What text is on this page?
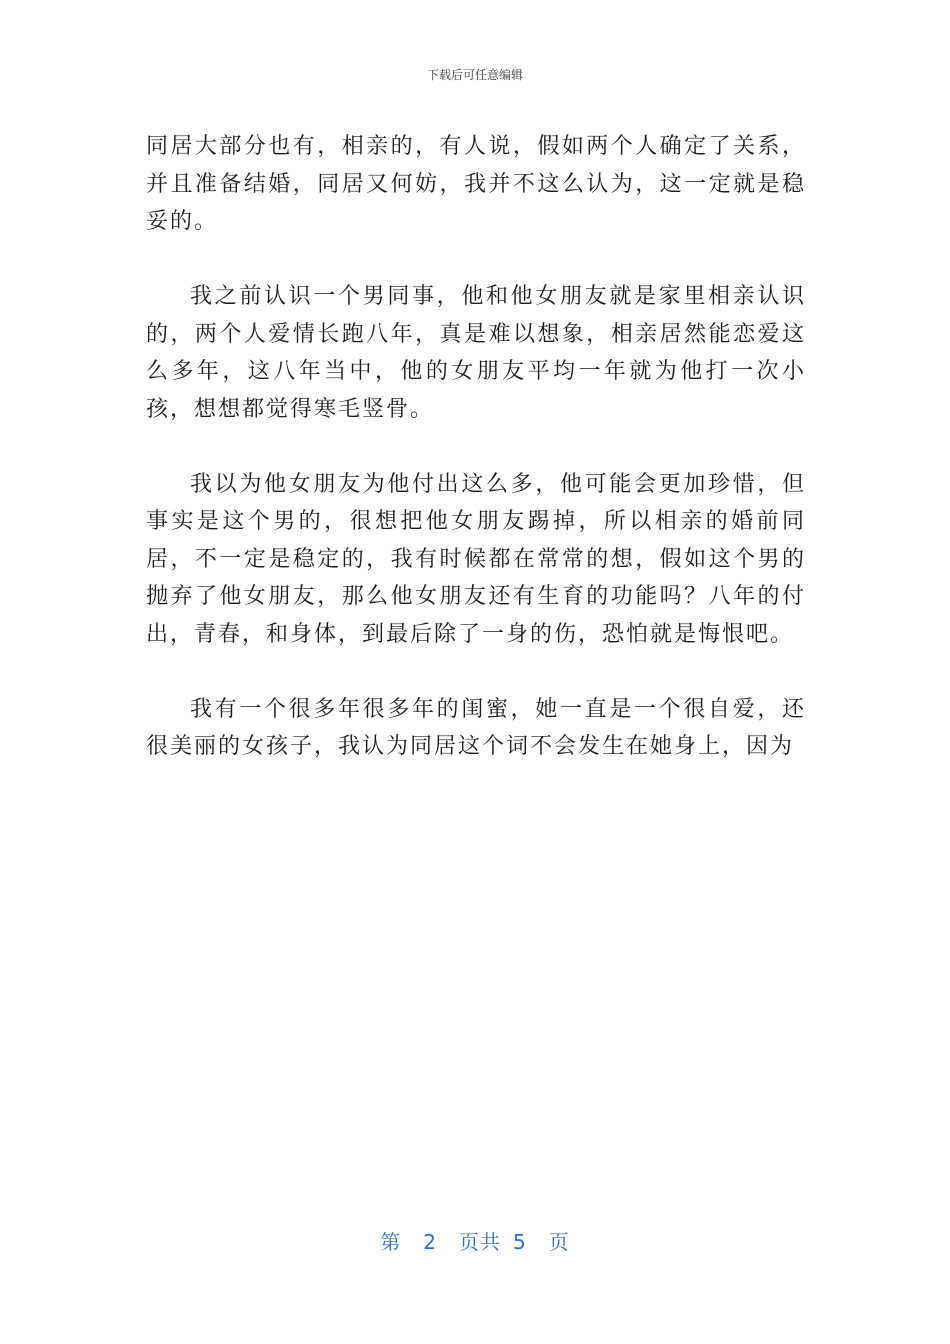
下载后可任意编辑

同居大部分也有，相亲的，有人说，假如两个人确定了关系，并且准备结婚，同居又何妨，我并不这么认为，这一定就是稳妥的。

我之前认识一个男同事，他和他女朋友就是家里相亲认识的，两个人爱情长跑八年，真是难以想象，相亲居然能恋爱这么多年，这八年当中，他的女朋友平均一年就为他打一次小孩，想想都觉得寒毛竖骨。

我以为他女朋友为他付出这么多，他可能会更加珍惜，但事实是这个男的，很想把他女朋友踢掉，所以相亲的婚前同居，不一定是稳定的，我有时候都在常常的想，假如这个男的抛弃了他女朋友，那么他女朋友还有生育的功能吗？八年的付出，青春，和身体，到最后除了一身的伤，恐怕就是悔恨吧。

我有一个很多年很多年的闺蜜，她一直是一个很自爱，还很美丽的女孩子，我认为同居这个词不会发生在她身上，因为

第 2 页共 5 页
